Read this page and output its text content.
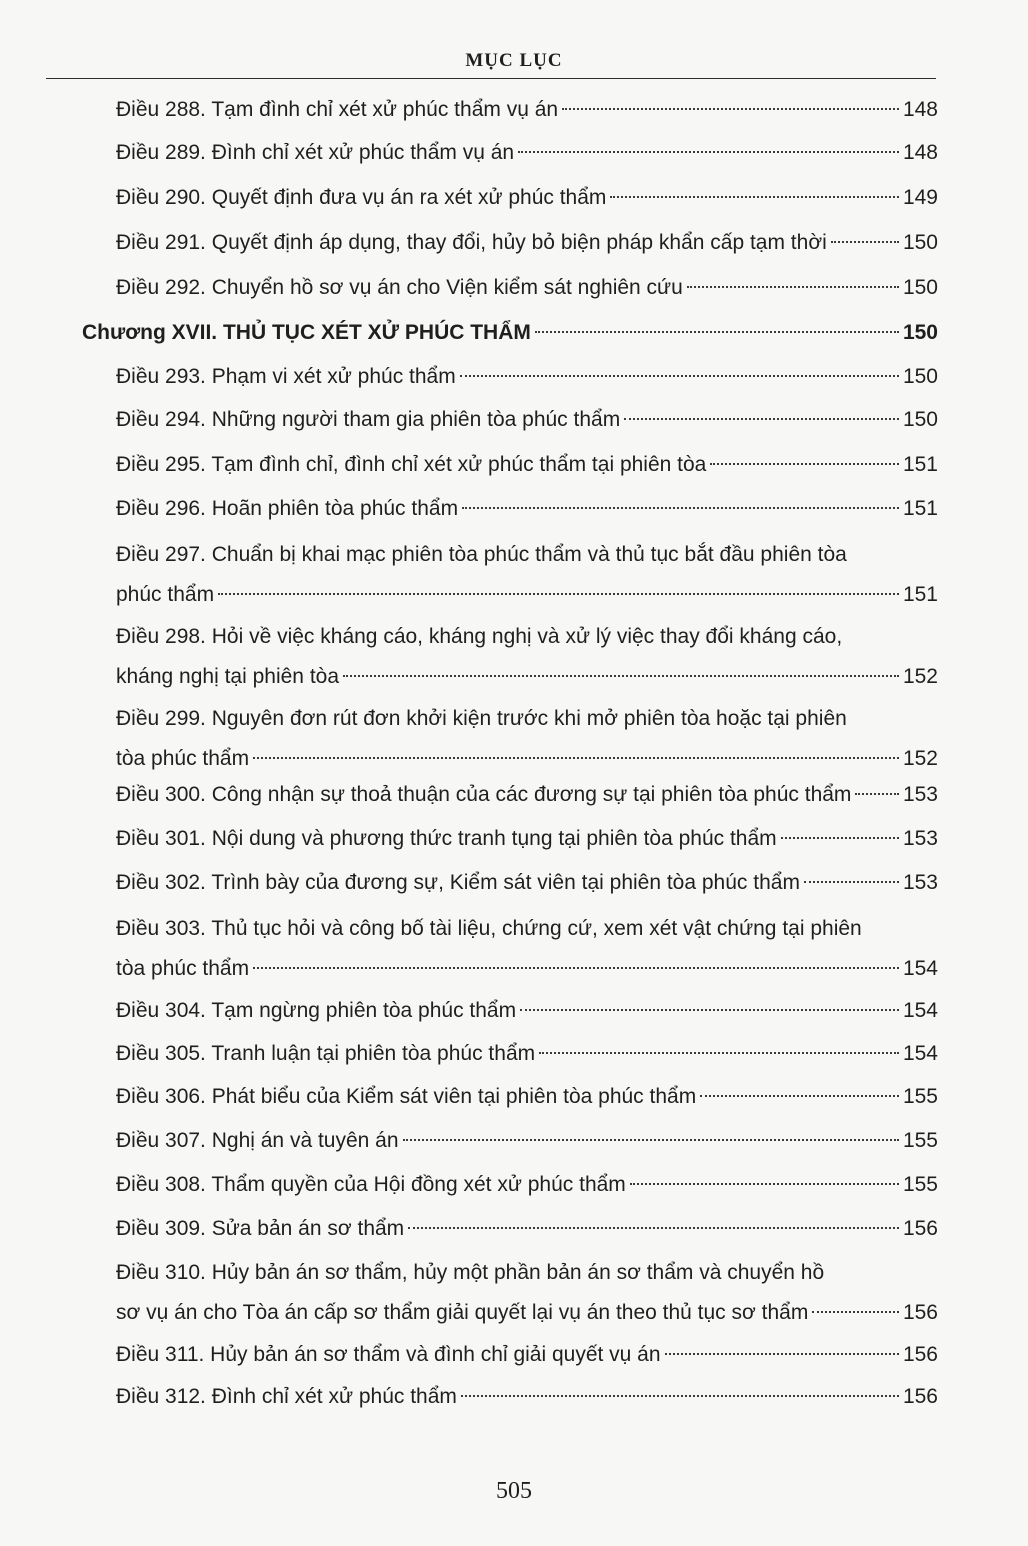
MỤC LỤC
Điều 288. Tạm đình chỉ xét xử phúc thẩm vụ án	148
Điều 289. Đình chỉ xét xử phúc thẩm vụ án	148
Điều 290. Quyết định đưa vụ án ra xét xử phúc thẩm	149
Điều 291. Quyết định áp dụng, thay đổi, hủy bỏ biện pháp khẩn cấp tạm thời	150
Điều 292. Chuyển hồ sơ vụ án cho Viện kiểm sát nghiên cứu	150
Chương XVII. THỦ TỤC XÉT XỬ PHÚC THẨM	150
Điều 293. Phạm vi xét xử phúc thẩm	150
Điều 294. Những người tham gia phiên tòa phúc thẩm	150
Điều 295. Tạm đình chỉ, đình chỉ xét xử phúc thẩm tại phiên tòa	151
Điều 296. Hoãn phiên tòa phúc thẩm	151
Điều 297. Chuẩn bị khai mạc phiên tòa phúc thẩm và thủ tục bắt đầu phiên tòa
phúc thẩm	151
Điều 298. Hỏi về việc kháng cáo, kháng nghị và xử lý việc thay đổi kháng cáo,
kháng nghị tại phiên tòa	152
Điều 299. Nguyên đơn rút đơn khởi kiện trước khi mở phiên tòa hoặc tại phiên
tòa phúc thẩm	152
Điều 300. Công nhận sự thoả thuận của các đương sự tại phiên tòa phúc thẩm 153
Điều 301. Nội dung và phương thức tranh tụng tại phiên tòa phúc thẩm	153
Điều 302. Trình bày của đương sự, Kiểm sát viên tại phiên tòa phúc thẩm	153
Điều 303. Thủ tục hỏi và công bố tài liệu, chứng cứ, xem xét vật chứng tại phiên
tòa phúc thẩm	154
Điều 304. Tạm ngừng phiên tòa phúc thẩm	154
Điều 305. Tranh luận tại phiên tòa phúc thẩm	154
Điều 306. Phát biểu của Kiểm sát viên tại phiên tòa phúc thẩm	155
Điều 307. Nghị án và tuyên án	155
Điều 308. Thẩm quyền của Hội đồng xét xử phúc thẩm	155
Điều 309. Sửa bản án sơ thẩm	156
Điều 310. Hủy bản án sơ thẩm, hủy một phần bản án sơ thẩm và chuyển hồ
sơ vụ án cho Tòa án cấp sơ thẩm giải quyết lại vụ án theo thủ tục sơ thẩm	156
Điều 311. Hủy bản án sơ thẩm và đình chỉ giải quyết vụ án	156
Điều 312. Đình chỉ xét xử phúc thẩm	156
505
